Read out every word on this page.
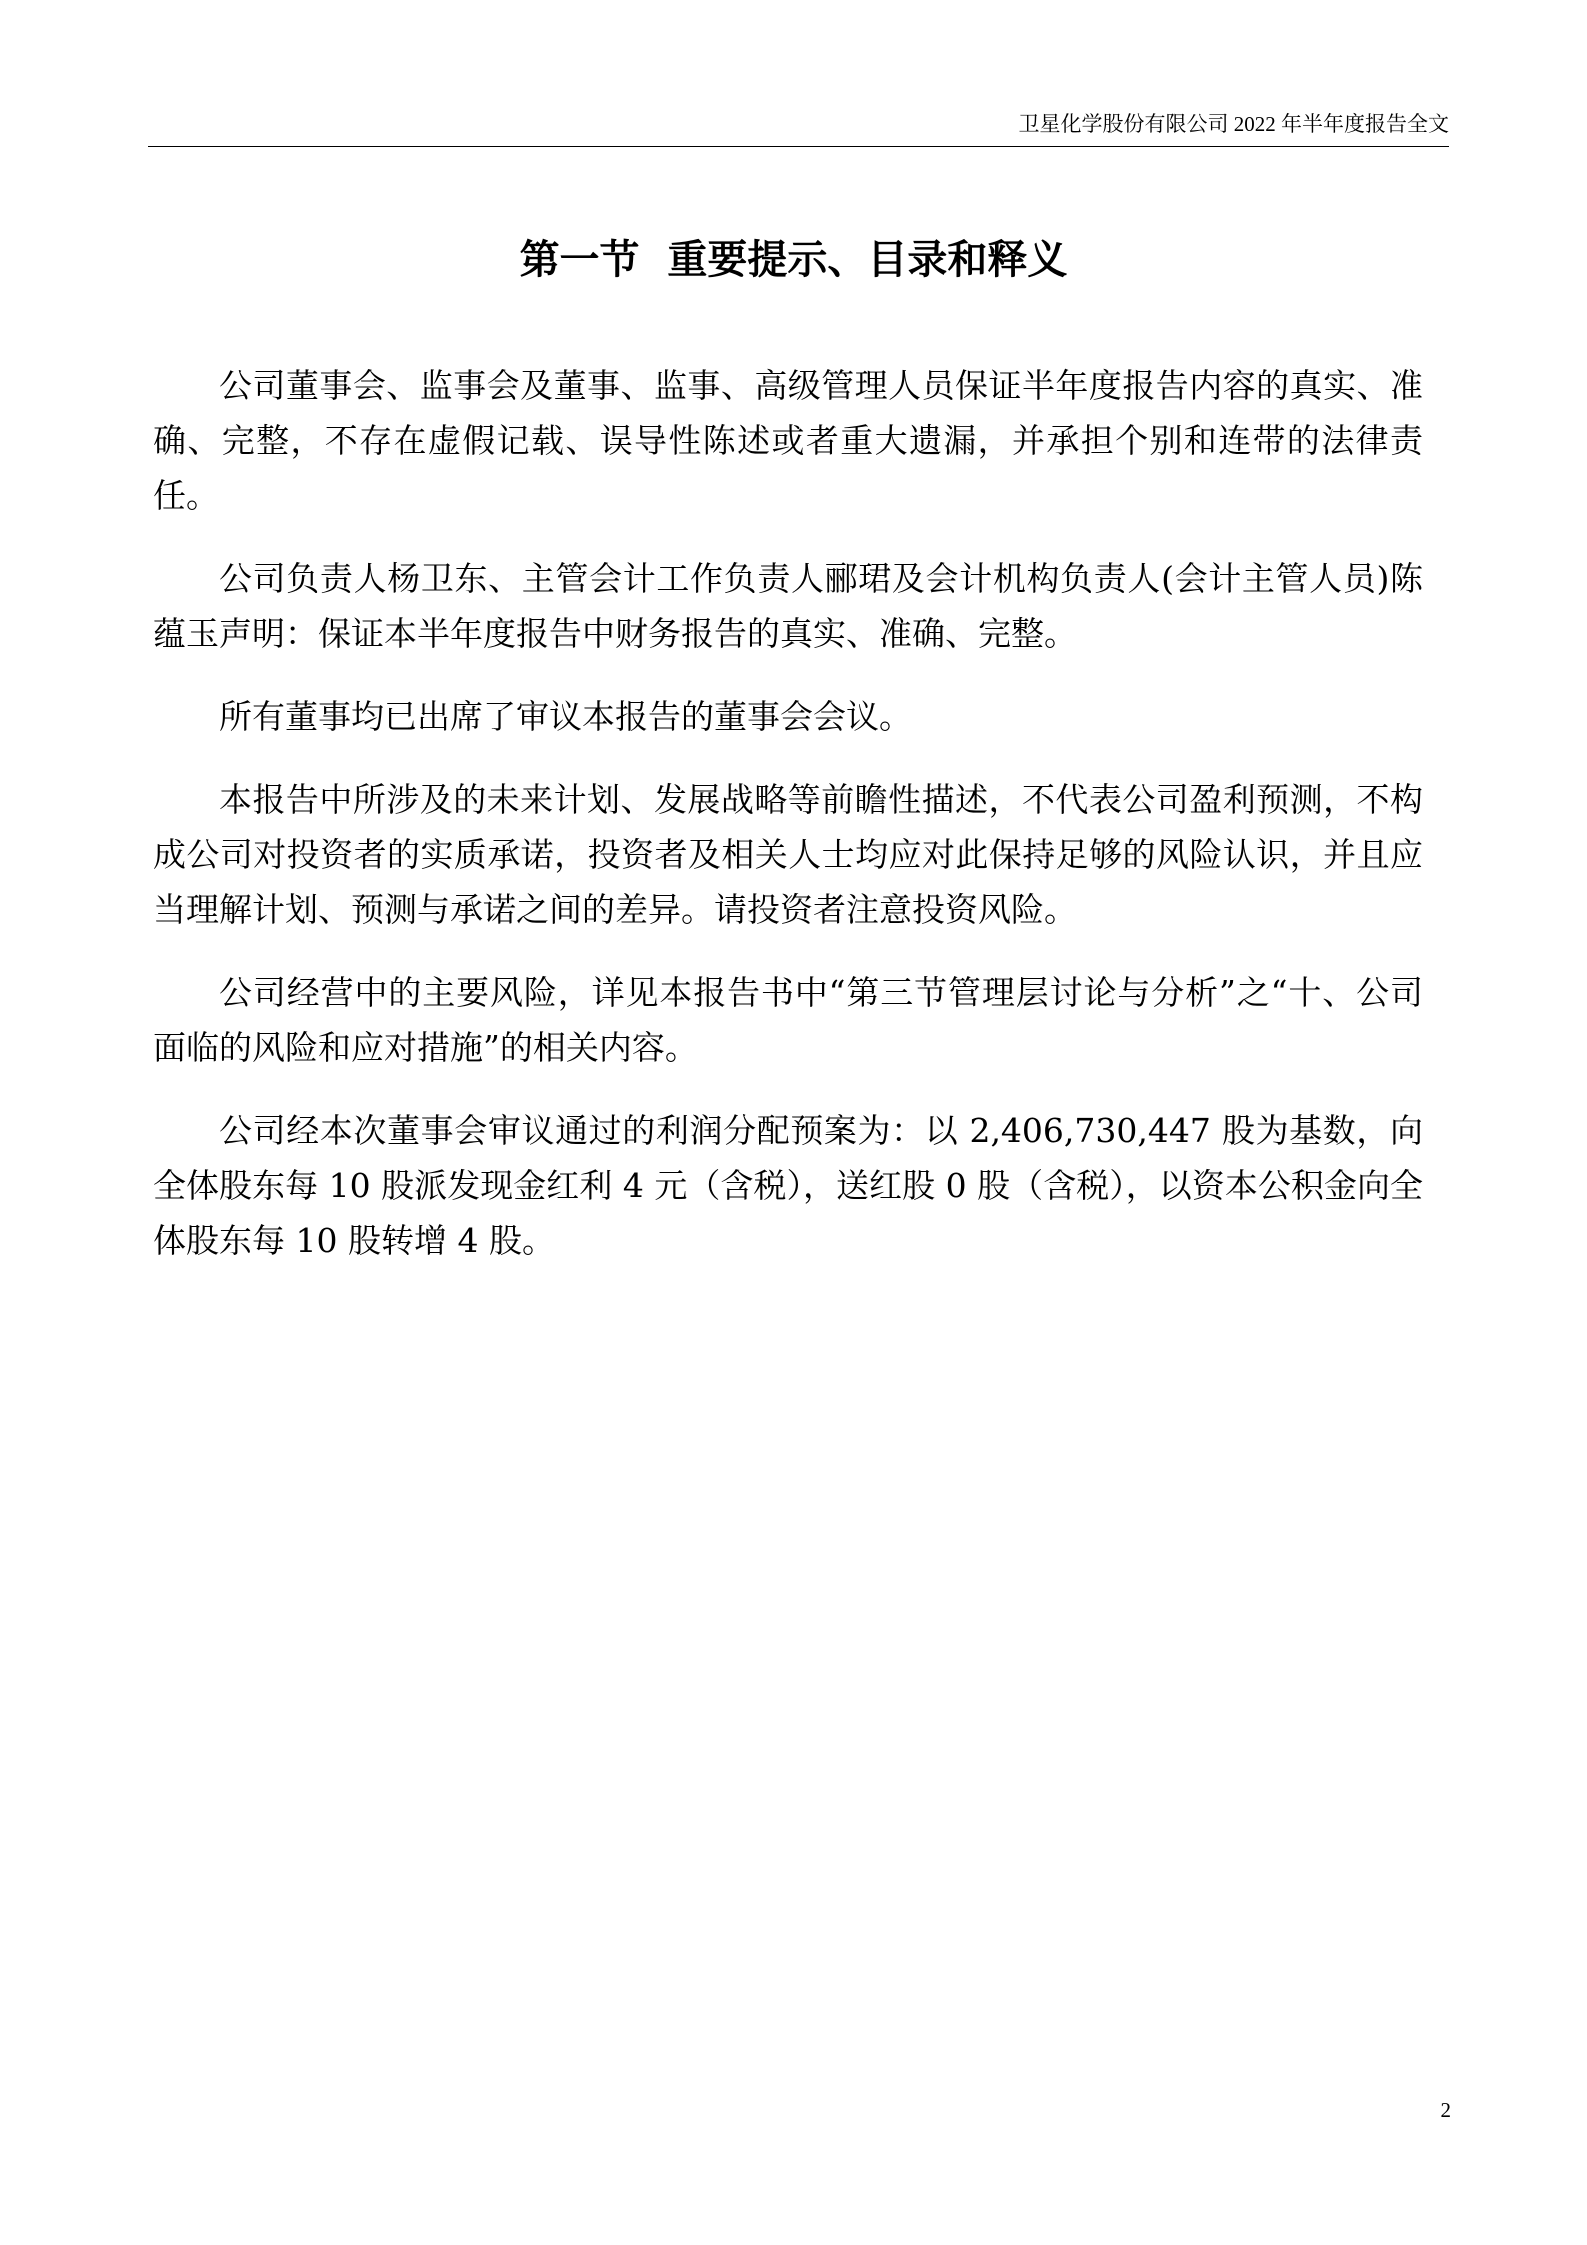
卫星化学股份有限公司 2022 年半年度报告全文
第一节  重要提示、目录和释义

公司董事会、监事会及董事、监事、高级管理人员保证半年度报告内容的真实、准确、完整，不存在虚假记载、误导性陈述或者重大遗漏，并承担个别和连带的法律责任。

公司负责人杨卫东、主管会计工作负责人郦珺及会计机构负责人(会计主管人员)陈蕴玉声明：保证本半年度报告中财务报告的真实、准确、完整。

所有董事均已出席了审议本报告的董事会会议。

本报告中所涉及的未来计划、发展战略等前瞻性描述，不代表公司盈利预测，不构成公司对投资者的实质承诺，投资者及相关人士均应对此保持足够的风险认识，并且应当理解计划、预测与承诺之间的差异。请投资者注意投资风险。

公司经营中的主要风险，详见本报告书中“第三节管理层讨论与分析”之“十、公司面临的风险和应对措施”的相关内容。

公司经本次董事会审议通过的利润分配预案为：以 2,406,730,447 股为基数，向全体股东每 10 股派发现金红利 4 元（含税），送红股 0 股（含税），以资本公积金向全体股东每 10 股转增 4 股。

2
